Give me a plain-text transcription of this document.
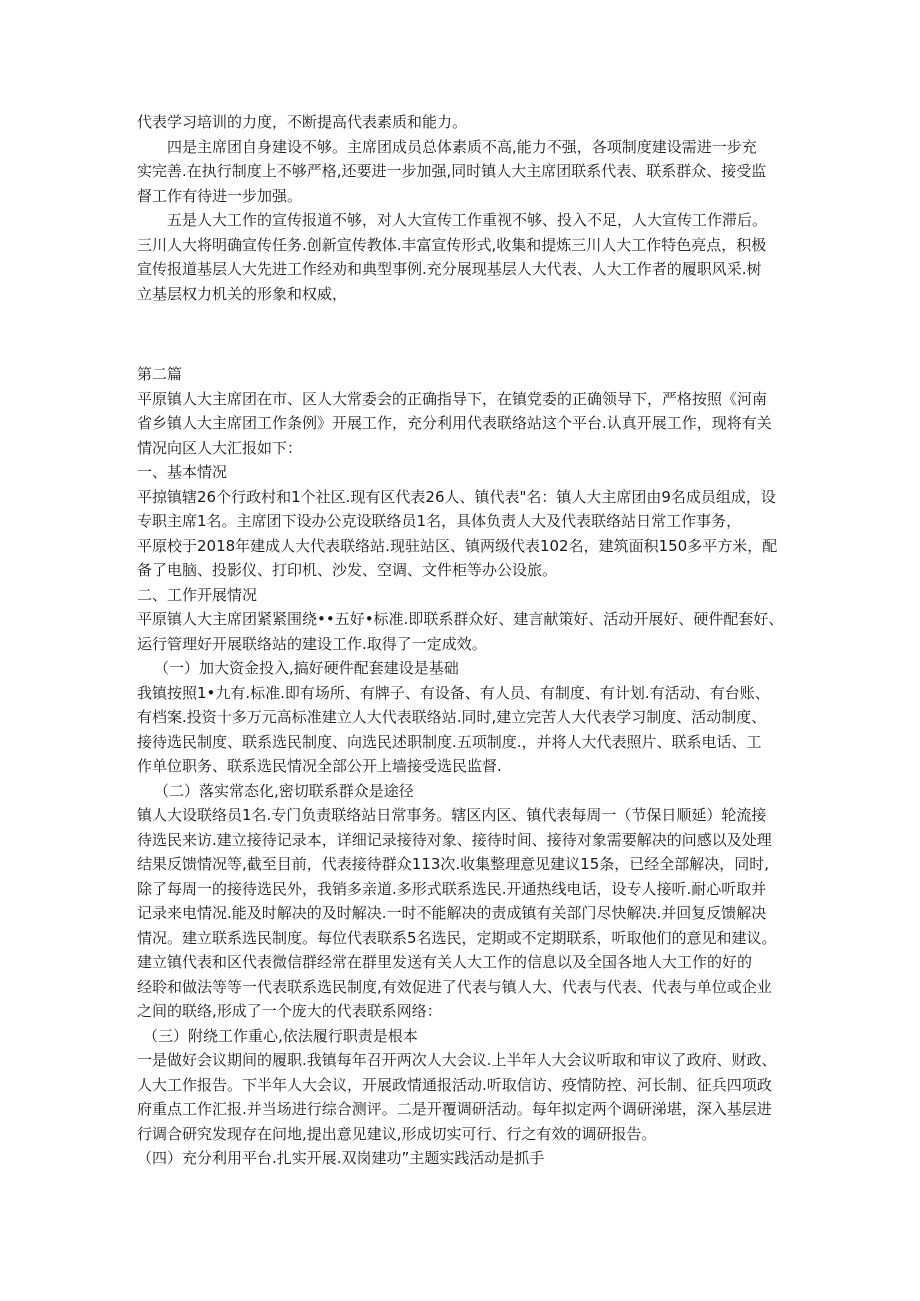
代表学习培训的力度，不断提高代表素质和能力。
四是主席团自身建设不够。主席团成员总体素质不高,能力不强，各项制度建设需进一步充
实完善.在执行制度上不够严格,还要进一步加强,同时镇人大主席团联系代表、联系群众、接受监
督工作有待进一步加强。
五是人大工作的宣传报道不够，对人大宣传工作重视不够、投入不足，人大宣传工作滞后。
三川人大将明确宣传任务.创新宣传教体.丰富宣传形式,收集和提炼三川人大工作特色亮点，积极
宣传报道基层人大先进工作经劝和典型事例.充分展现基层人大代表、人大工作者的履职风采.树
立基层权力机关的形象和权威，
第二篇
平原镇人大主席团在市、区人大常委会的正确指导下，在镇党委的正确领导下，严格按照《河南
省乡镇人大主席团工作条例》开展工作，充分利用代表联络站这个平台.认真开展工作，现将有关
情况向区人大汇报如下：
一、基本情况
平掠镇辖26个行政村和1个社区.现有区代表26人、镇代表"名：镇人大主席团由9名成员组成，设
专职主席1名。主席团下设办公克设联络员1名，具体负责人大及代表联络站日常工作事务，
平原校于2018年建成人大代表联络站.现驻站区、镇两级代表102名，建筑面积150多平方米，配
备了电脑、投影仪、打印机、沙发、空调、文件柜等办公设旅。
二、工作开展情况
平原镇人大主席团紧紧围绕••五好•标准.即联系群众好、建言献策好、活动开展好、硬件配套好、
运行管理好开展联络站的建设工作.取得了一定成效。
（一）加大资金投入,搞好硬件配套建设是基础
我镇按照1•九有.标准.即有场所、有牌子、有设备、有人员、有制度、有计划.有活动、有台账、
有档案.投资十多万元高标准建立人大代表联络站.同时,建立完苦人大代表学习制度、活动制度、
接待选民制度、联系选民制度、向选民述职制度.五项制度.，并将人大代表照片、联系电话、工
作单位职务、联系选民情况全部公开上墙接受选民监督.
（二）落实常态化,密切联系群众是途径
镇人大设联络员1名.专门负责联络站日常事务。辖区内区、镇代表每周一（节保日顺延）轮流接
待选民来访.建立接待记录本，详细记录接待对象、接待时间、接待对象需要解决的问感以及处理
结果反馈情况等,截至目前，代表接待群众113次.收集整理意见建议15条，已经全部解决，同时,
除了每周一的接待选民外，我销多亲道.多形式联系选民.开通热线电话，设专人接听.耐心听取并
记录来电情况.能及时解决的及时解决.一时不能解决的责成镇有关部门尽快解决.并回复反馈解决
情况。建立联系选民制度。每位代表联系5名选民，定期或不定期联系，听取他们的意见和建议。
建立镇代表和区代表微信群经常在群里发送有关人大工作的信息以及全国各地人大工作的好的
经聆和做法等等一代表联系选民制度,有效促进了代表与镇人大、代表与代表、代表与单位或企业
之间的联络,形成了一个庞大的代表联系网络：
（三）附绕工作重心,依法履行职责是根本
一是做好会议期间的履职.我镇每年召开两次人大会议.上半年人大会议听取和审议了政府、财政、
人大工作报告。下半年人大会议，开展政情通报活动.听取信访、疫情防控、河长制、征兵四项政
府重点工作汇报.并当场进行综合测评。二是开覆调研活动。每年拟定两个调研涕堪，深入基层进
行调合研究发现存在问地,提出意见建议,形成切实可行、行之有效的调研报告。
（四）充分利用平台.扎实开展.双岗建功”主题实践活动是抓手
